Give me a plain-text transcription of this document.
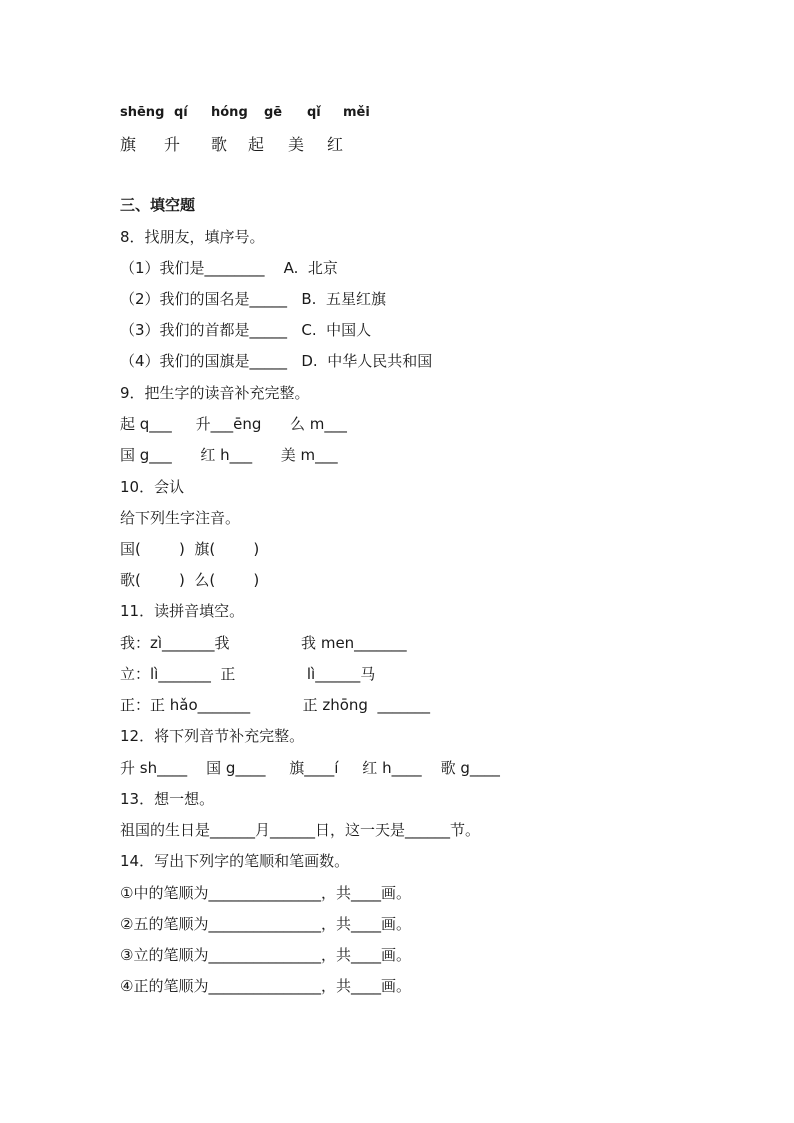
shēng qí hóng gē qǐ měi
旗 升 歌 起 美 红
三、填空题
8．找朋友，填序号。
（1）我们是________    A.  北京
（2）我们的国名是_____   B.  五星红旗
（3）我们的首都是_____   C.  中国人
（4）我们的国旗是_____   D.  中华人民共和国
9．把生字的读音补充完整。
起 q___     升___ēng      么 m___
国 g___      红 h___      美 m___
10．会认
给下列生字注音。
国(        )  旗(        )
歌(        )  么(        )
11．读拼音填空。
我：zì_______我               我 men_______
立：lì_______  正               lì______马
正：正 hǎo_______           正 zhōng  _______
12．将下列音节补充完整。
升 sh____    国 g____     旗____í     红 h____    歌 g____
13．想一想。
祖国的生日是______月______日，这一天是______节。
14．写出下列字的笔顺和笔画数。
①中的笔顺为_______________，共____画。
②五的笔顺为_______________，共____画。
③立的笔顺为_______________，共____画。
④正的笔顺为_______________，共____画。
